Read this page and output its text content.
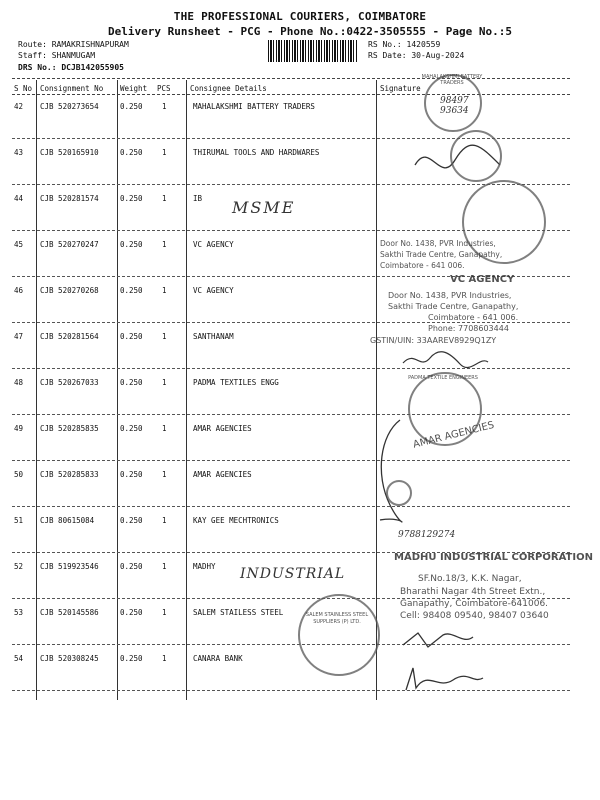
THE PROFESSIONAL COURIERS, COIMBATORE
Delivery Runsheet - PCG - Phone No.:0422-3505555 - Page No.:5
Route: RAMAKRISHNAPURAM
Staff: SHANMUGAM
DRS No.: DCJB142055905
RS No.: 1420559
RS Date: 30-Aug-2024
S No Consignment No Weight PCS	Consignee Details	Signature
42 CJB 520273654	0.250	1	MAHALAKSHMI BATTERY TRADERS
43 CJB 520165910	0.250	1	THIRUMAL TOOLS AND HARDWARES
44 CJB 520281574	0.250	1	IB
45 CJB 520270247	0.250	1	VC AGENCY
46 CJB 520270268	0.250	1	VC AGENCY
47 CJB 520281564	0.250	1	SANTHANAM
48 CJB 520267033	0.250	1	PADMA TEXTILES ENGG
49 CJB 520285835	0.250	1	AMAR AGENCIES
50 CJB 520285833	0.250	1	AMAR AGENCIES
51 CJB 80615084	0.250	1	KAY GEE MECHTRONICS
52 CJB 519923546	0.250	1	MADHY
53 CJB 520145586	0.250	1	SALEM STAILESS STEEL
54 CJB 520308245	0.250	1	CANARA BANK
MAHALAKSHMI BATTERY TRADERS
98497
93634
MSME
Door No. 1438, PVR Industries,
Sakthi Trade Centre, Ganapathy,
Coimbatore - 641 006.
VC AGENCY
Door No. 1438, PVR Industries,
Sakthi Trade Centre, Ganapathy,
Coimbatore - 641 006.
Phone: 7708603444
GSTIN/UIN: 33AAREV8929Q1ZY
PADMA TEXTILE ENGINEERS
AMAR AGENCIES
9788129274
MADHU INDUSTRIAL CORPORATION
SF.No.18/3, K.K. Nagar,
Bharathi Nagar 4th Street Extn.,
Ganapathy, Coimbatore-641006.
Cell: 98408 09540, 98407 03640
INDUSTRIAL
SALEM STAINLESS STEEL SUPPLIERS (P) LTD.
